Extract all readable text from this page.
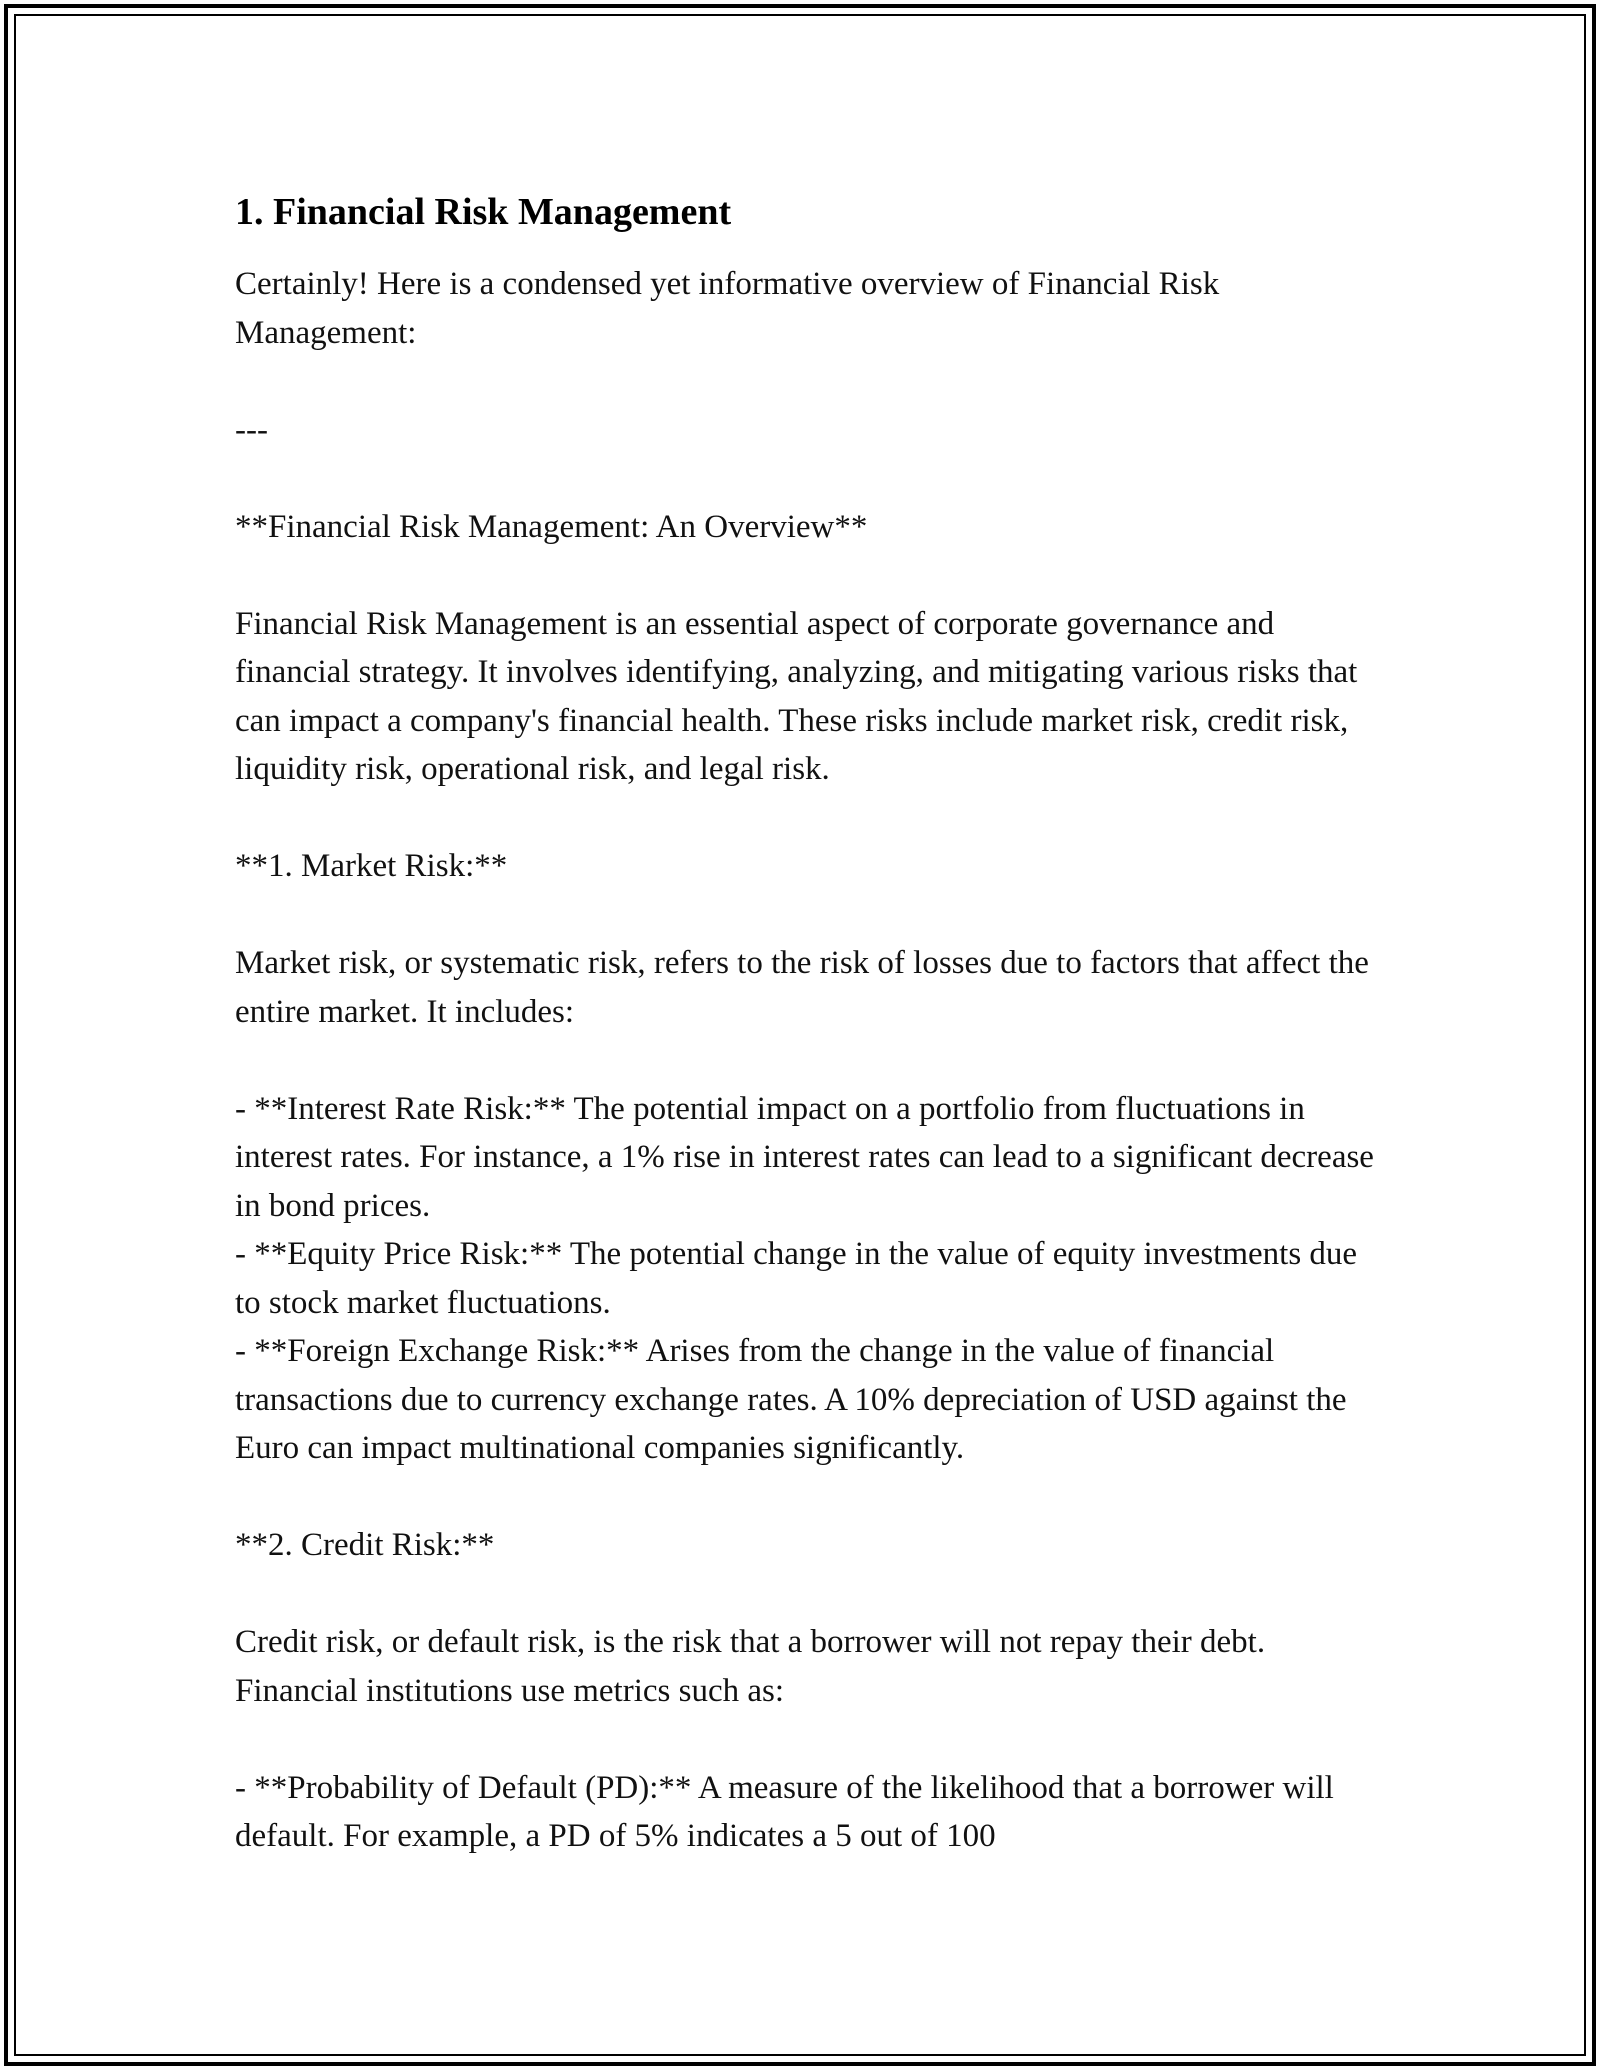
1. Financial Risk Management

Certainly! Here is a condensed yet informative overview of Financial Risk Management:

---

**Financial Risk Management: An Overview**

Financial Risk Management is an essential aspect of corporate governance and financial strategy. It involves identifying, analyzing, and mitigating various risks that can impact a company's financial health. These risks include market risk, credit risk, liquidity risk, operational risk, and legal risk.

**1. Market Risk:**

Market risk, or systematic risk, refers to the risk of losses due to factors that affect the entire market. It includes:

- **Interest Rate Risk:** The potential impact on a portfolio from fluctuations in interest rates. For instance, a 1% rise in interest rates can lead to a significant decrease in bond prices.

- **Equity Price Risk:** The potential change in the value of equity investments due to stock market fluctuations.

- **Foreign Exchange Risk:** Arises from the change in the value of financial transactions due to currency exchange rates. A 10% depreciation of USD against the Euro can impact multinational companies significantly.

**2. Credit Risk:**

Credit risk, or default risk, is the risk that a borrower will not repay their debt. Financial institutions use metrics such as:

- **Probability of Default (PD):** A measure of the likelihood that a borrower will default. For example, a PD of 5% indicates a 5 out of 100
